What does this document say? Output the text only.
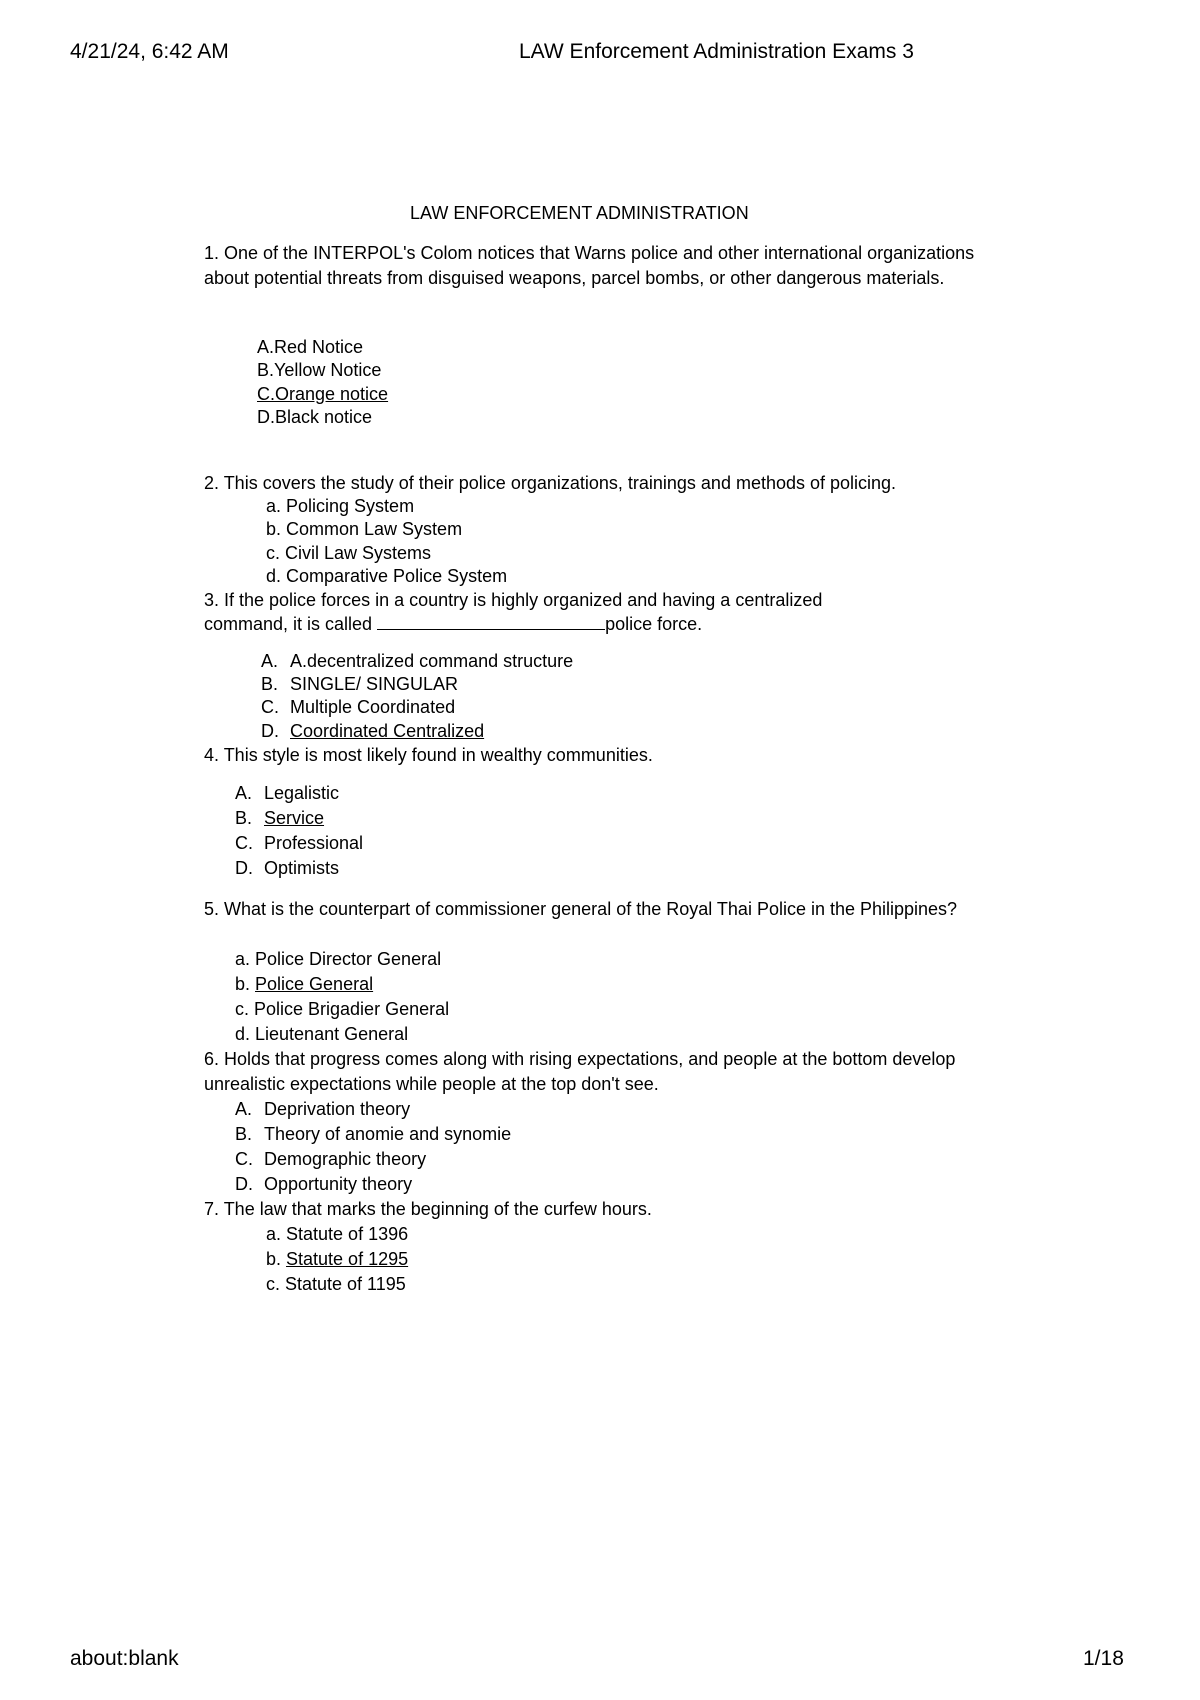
4/21/24, 6:42 AM	LAW Enforcement Administration Exams 3
LAW ENFORCEMENT ADMINISTRATION
1. One of the INTERPOL's Colom notices that Warns police and other international organizations about potential threats from disguised weapons, parcel bombs, or other dangerous materials.
A.Red Notice
B.Yellow Notice
C.Orange notice
D.Black notice
2. This covers the study of their police organizations, trainings and methods of policing.
a. Policing System
b. Common Law System
c. Civil Law Systems
d. Comparative Police System
3. If the police forces in a country is highly organized and having a centralized
command, it is called	police force.
A. A.decentralized command structure
B. SINGLE/ SINGULAR
C. Multiple Coordinated
D. Coordinated Centralized
4. This style is most likely found in wealthy communities.
A. Legalistic
B. Service
C. Professional
D. Optimists
5. What is the counterpart of commissioner general of the Royal Thai Police in the Philippines?
a. Police Director General
b. Police General
c. Police Brigadier General
d. Lieutenant General
6. Holds that progress comes along with rising expectations, and people at the bottom develop unrealistic expectations while people at the top don't see.
A. Deprivation theory
B. Theory of anomie and synomie
C. Demographic theory
D. Opportunity theory
7. The law that marks the beginning of the curfew hours.
a. Statute of 1396
b. Statute of 1295
c. Statute of 1195
about:blank	1/18
